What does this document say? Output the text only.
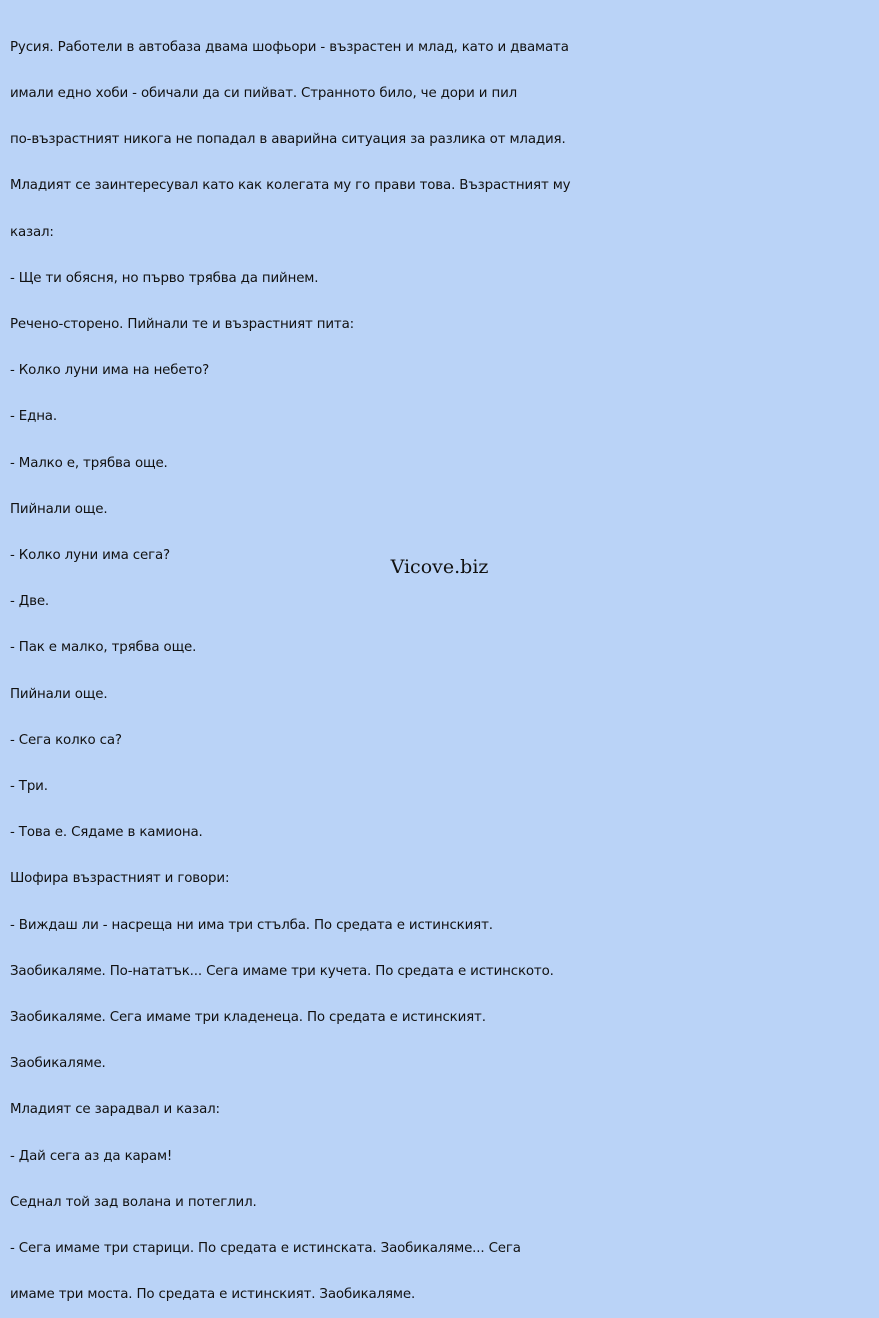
Русия. Работели в автобаза двама шофьори - възрастен и млад, като и двамата

имали едно хоби - обичали да си пийват. Странното било, че дори и пил

по-възрастният никога не попадал в аварийна ситуация за разлика от младия.

Младият се заинтересувал като как колегата му го прави това. Възрастният му

казал:

- Ще ти обясня, но първо трябва да пийнем.

Речено-сторено. Пийнали те и възрастният пита:

- Колко луни има на небето?

- Една.

- Малко е, трябва още.

Пийнали още.

- Колко луни има сега?

- Две.

- Пак е малко, трябва още.

Пийнали още.

- Сега колко са?

- Три.

- Това е. Сядаме в камиона.

Шофира възрастният и говори:

- Виждаш ли - насреща ни има три стълба. По средата е истинският.

Заобикаляме. По-нататък... Сега имаме три кучета. По средата е истинското.

Заобикаляме. Сега имаме три кладенеца. По средата е истинският.

Заобикаляме.

Младият се зарадвал и казал:

- Дай сега аз да карам!

Седнал той зад волана и потеглил.

- Сега имаме три старици. По средата е истинската. Заобикаляме... Сега

имаме три моста. По средата е истинският. Заобикаляме.

Vicove.biz
